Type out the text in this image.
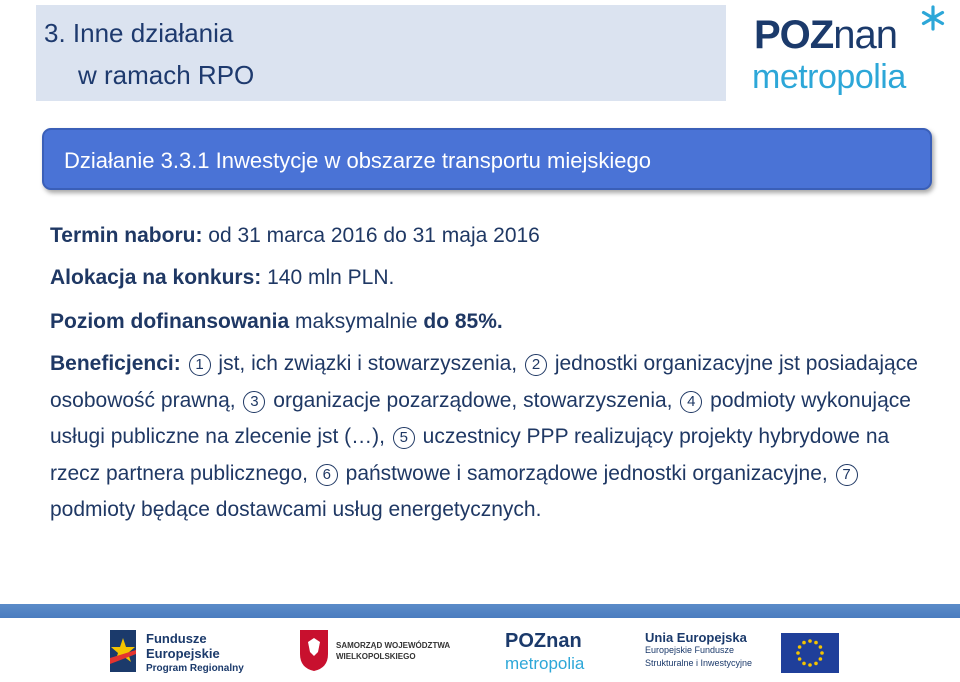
3. Inne działania
w ramach RPO
POZnan
metropolia
Działanie 3.3.1 Inwestycje w obszarze transportu miejskiego
Termin naboru: od 31 marca 2016 do 31 maja 2016
Alokacja na konkurs: 140 mln PLN.
Poziom dofinansowania maksymalnie do 85%.
Beneficjenci: 1 jst, ich związki i stowarzyszenia, 2 jednostki organizacyjne jst posiadające osobowość prawną, 3 organizacje pozarządowe, stowarzyszenia, 4 podmioty wykonujące usługi publiczne na zlecenie jst (…), 5 uczestnicy PPP realizujący projekty hybrydowe na rzecz partnera publicznego, 6 państwowe i samorządowe jednostki organizacyjne, 7 podmioty będące dostawcami usług energetycznych.
Fundusze
Europejskie
Program Regionalny
SAMORZĄD WOJEWÓDZTWA
WIELKOPOLSKIEGO
POZnan
metropolia
Unia Europejska
Europejskie Fundusze
Strukturalne i Inwestycyjne
